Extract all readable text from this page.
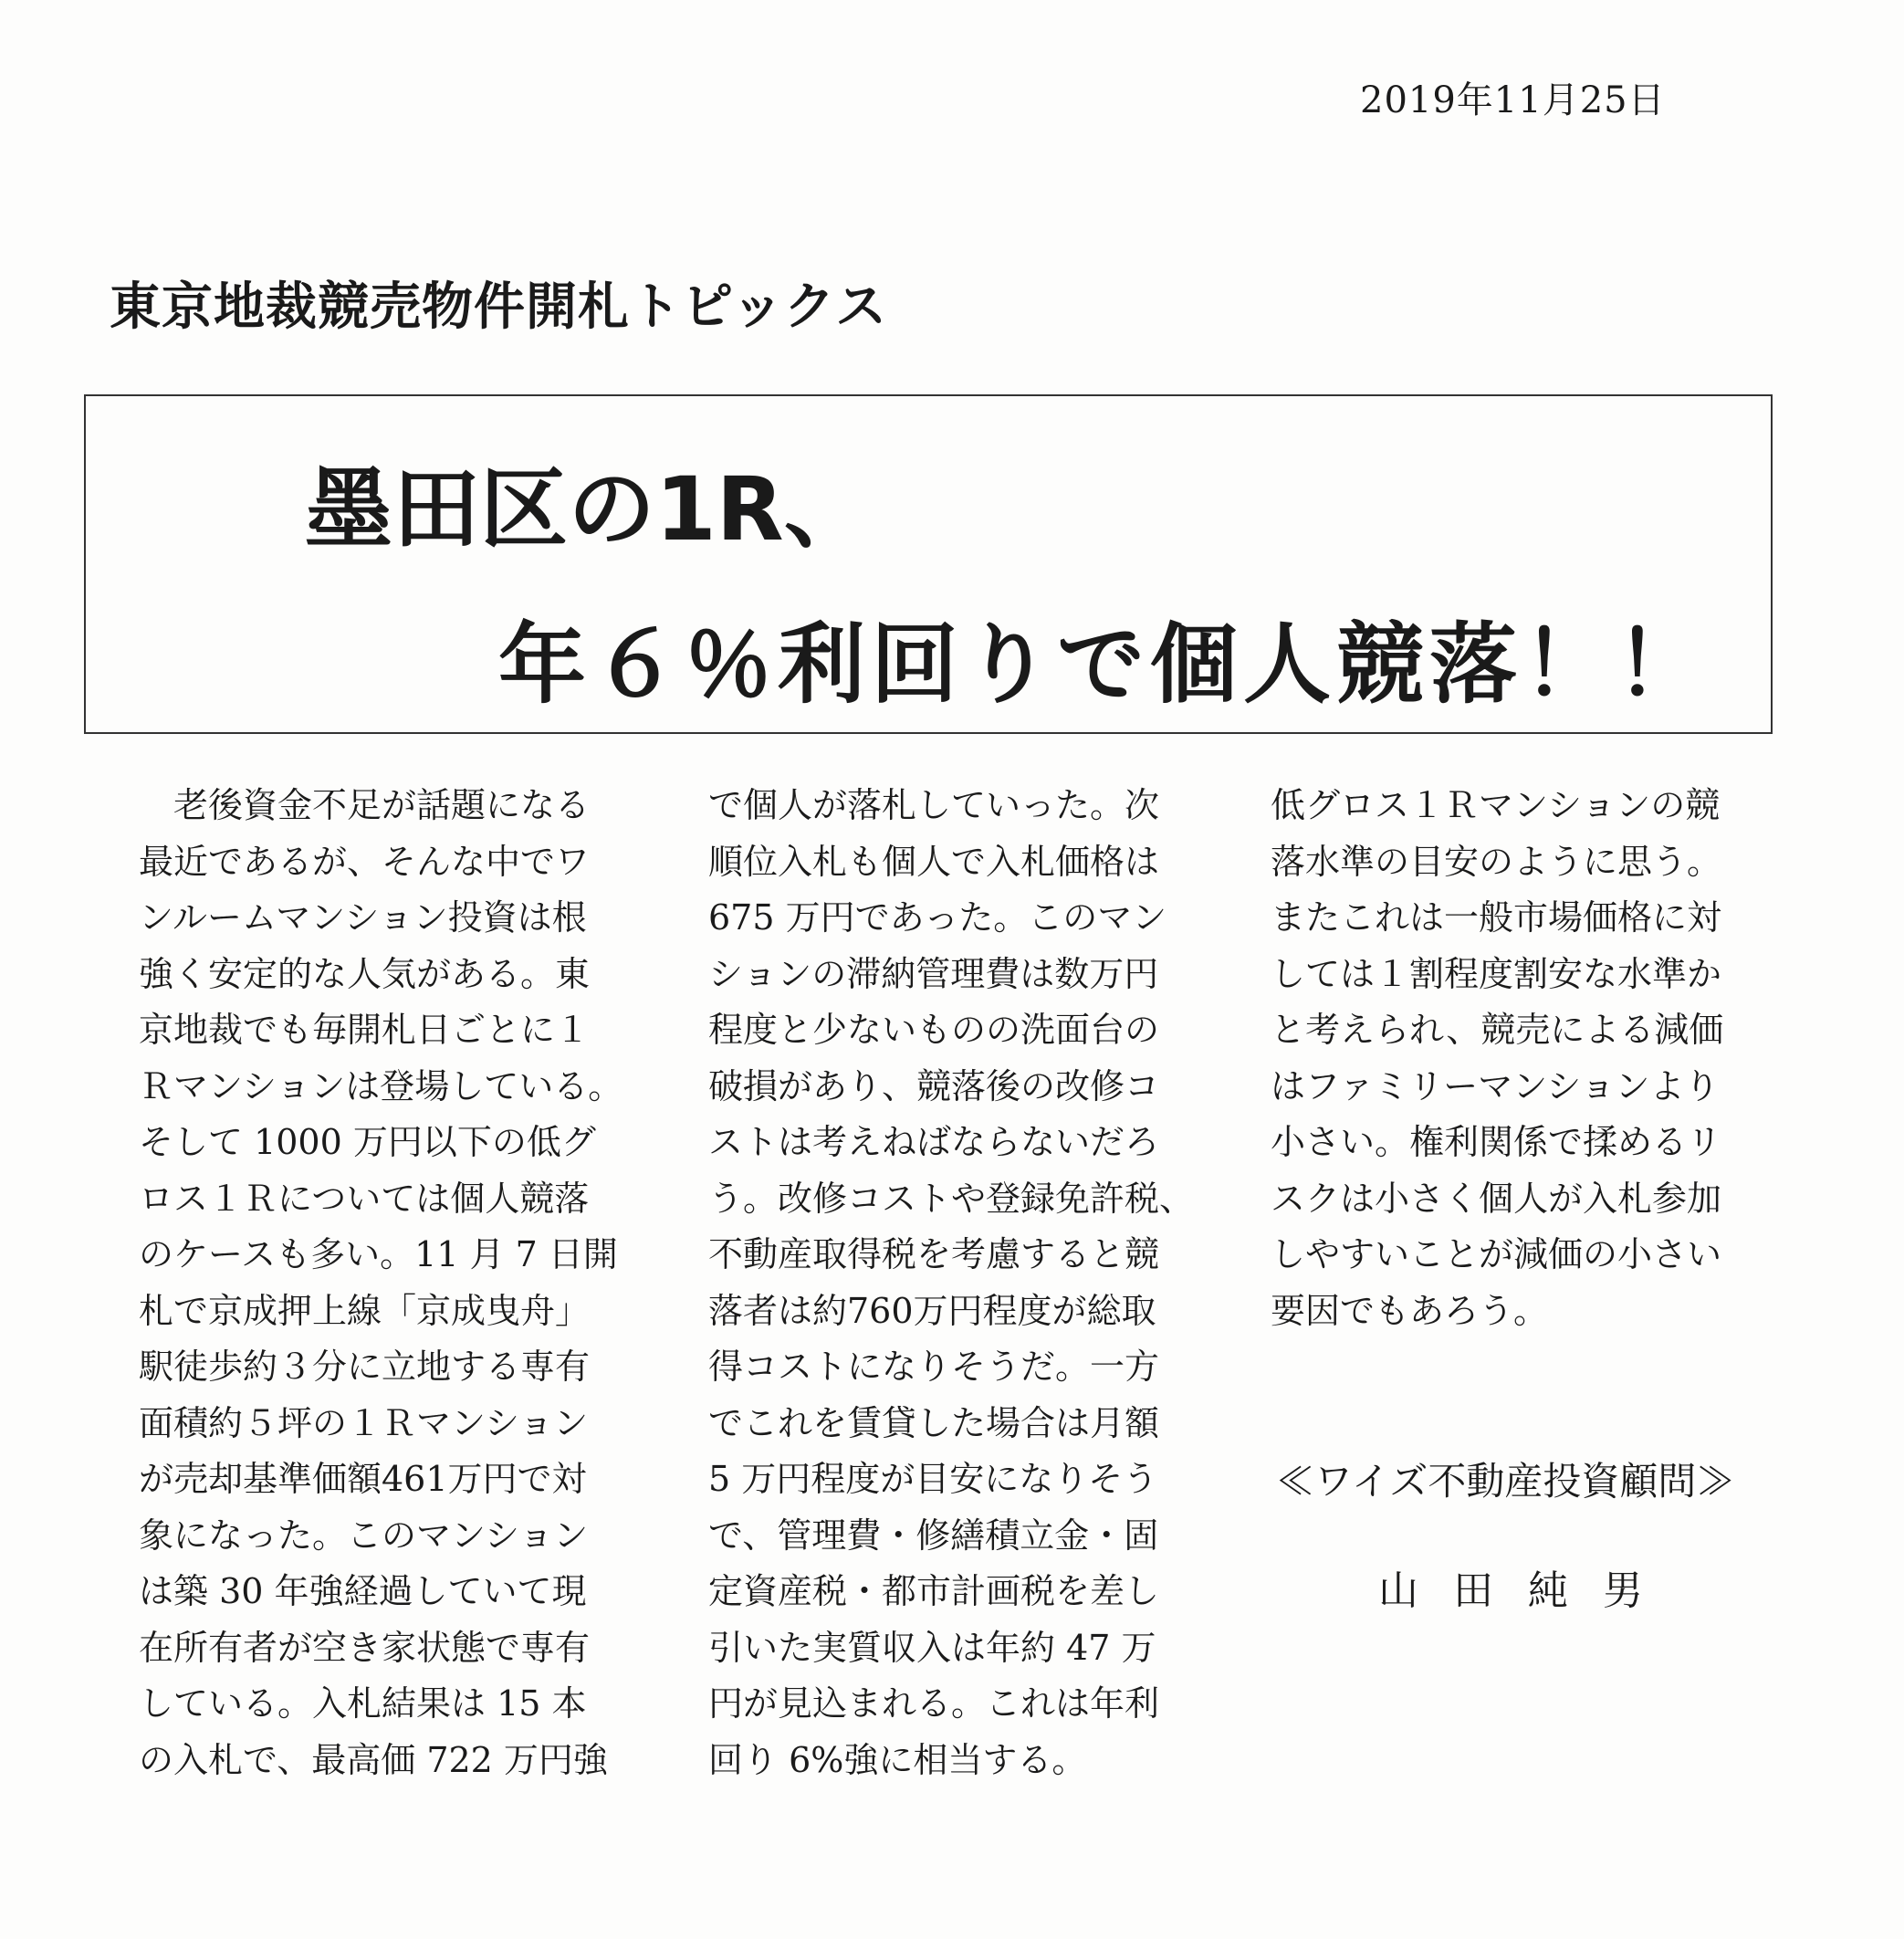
2019年11月25日
東京地裁競売物件開札トピックス
墨田区の1R、
年６％利回りで個人競落！！
　老後資金不足が話題になる
最近であるが、そんな中でワ
ンルームマンション投資は根
強く安定的な人気がある。東
京地裁でも毎開札日ごとに１
Ｒマンションは登場している。
そして 1000 万円以下の低グ
ロス１Ｒについては個人競落
のケースも多い。11 月 7 日開
札で京成押上線「京成曳舟」
駅徒歩約３分に立地する専有
面積約５坪の１Ｒマンション
が売却基準価額461万円で対
象になった。このマンション
は築 30 年強経過していて現
在所有者が空き家状態で専有
している。入札結果は 15 本
の入札で、最高価 722 万円強
で個人が落札していった。次
順位入札も個人で入札価格は
675 万円であった。このマン
ションの滞納管理費は数万円
程度と少ないものの洗面台の
破損があり、競落後の改修コ
ストは考えねばならないだろ
う。改修コストや登録免許税、
不動産取得税を考慮すると競
落者は約760万円程度が総取
得コストになりそうだ。一方
でこれを賃貸した場合は月額
5 万円程度が目安になりそう
で、管理費・修繕積立金・固
定資産税・都市計画税を差し
引いた実質収入は年約 47 万
円が見込まれる。これは年利
回り 6%強に相当する。
低グロス１Ｒマンションの競
落水準の目安のように思う。
またこれは一般市場価格に対
しては１割程度割安な水準か
と考えられ、競売による減価
はファミリーマンションより
小さい。権利関係で揉めるリ
スクは小さく個人が入札参加
しやすいことが減価の小さい
要因でもあろう。
≪ワイズ不動産投資顧問≫
山田純男
